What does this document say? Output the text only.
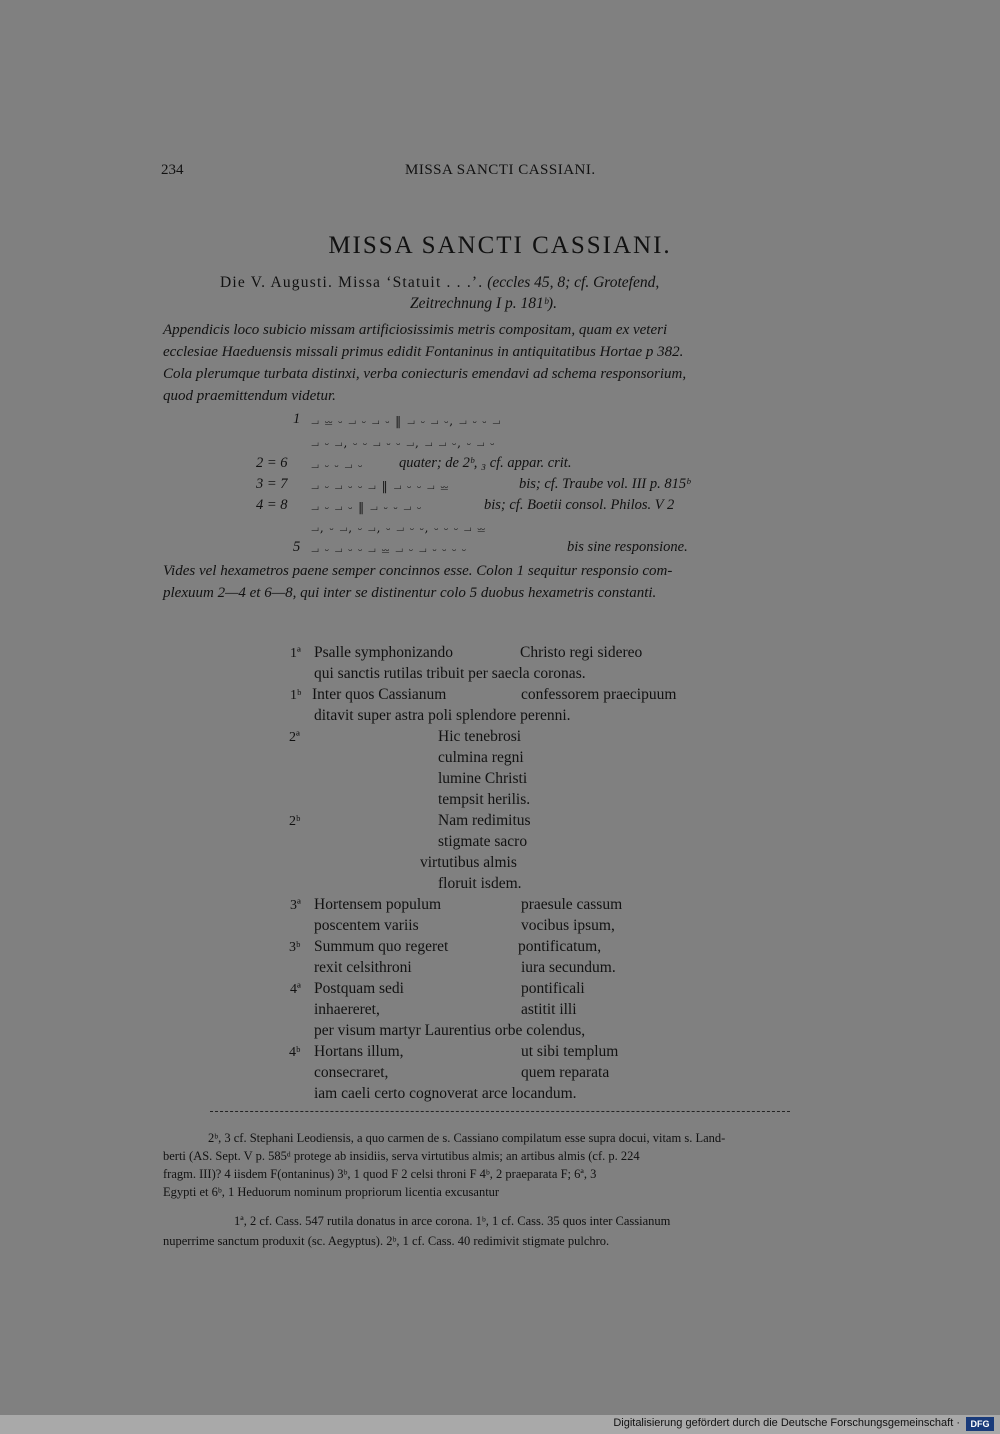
234	MISSA SANCTI CASSIANI.
MISSA SANCTI CASSIANI.
Die V. Augusti. Missa ‘Statuit . . .’. (eccles 45, 8; cf. Grotefend,
Zeitrechnung I p. 181ᵇ).
Appendicis loco subicio missam artificiosissimis metris compositam, quam ex veteri
ecclesiae Haeduensis missali primus edidit Fontaninus in antiquitatibus Hortae p 382.
Cola plerumque turbata distinxi, verba coniecturis emendavi ad schema responsorium,
quod praemittendum videtur.
1 ⏗ ⏕ ⏑ ⏗ ⏑ ⏗ ⏑ ‖ ⏗ ⏑ ⏗ ⏑, ⏗ ⏑ ⏑ ⏗
⏗ ⏑ ⏗, ⏑ ⏑ ⏗ ⏑ ⏑ ⏗, ⏗ ⏗ ⏑, ⏑ ⏗ ⏑
2 = 6 ⏗ ⏑ ⏑ ⏗ ⏑ quater; de 2ᵇ, ₃ cf. appar. crit.
3 = 7 ⏗ ⏑ ⏗ ⏑ ⏑ ⏗ ‖ ⏗ ⏑ ⏑ ⏗ ⏕	bis; cf. Traube vol. III p. 815ᵇ
4 = 8 ⏗ ⏑ ⏗ ⏑ ‖ ⏗ ⏑ ⏑ ⏗ ⏑	bis; cf. Boetii consol. Philos. V 2
⏗, ⏑ ⏗, ⏑ ⏗, ⏑ ⏗ ⏑ ⏑, ⏑ ⏑ ⏑ ⏗ ⏕
5 ⏗ ⏑ ⏗ ⏑ ⏑ ⏗ ⏕ ⏗ ⏑ ⏗ ⏑ ⏑ ⏑ ⏑	bis sine responsione.
Vides vel hexametros paene semper concinnos esse. Colon 1 sequitur responsio com-
plexuum 2—4 et 6—8, qui inter se distinentur colo 5 duobus hexametris constanti.
1ª Psalle symphonizando	Christo regi sidereo
qui sanctis rutilas tribuit per saecla coronas.
1ᵇ Inter quos Cassianum	confessorem praecipuum
ditavit super astra poli splendore perenni.
2ª	Hic tenebrosi
culmina regni
lumine Christi
tempsit herilis.
2ᵇ	Nam redimitus
stigmate sacro
virtutibus almis
floruit isdem.
3ª Hortensem populum	praesule cassum
poscentem variis	vocibus ipsum,
3ᵇ Summum quo regeret	pontificatum,
rexit celsithroni	iura secundum.
4ª Postquam sedi	pontificali
inhaereret,	astitit illi
per visum martyr Laurentius orbe colendus,
4ᵇ Hortans illum,	ut sibi templum
consecraret,	quem reparata
iam caeli certo cognoverat arce locandum.
2ᵇ, 3 cf. Stephani Leodiensis, a quo carmen de s. Cassiano compilatum esse supra docui, vitam s. Land-
berti (AS. Sept. V p. 585ᵈ protege ab insidiis, serva virtutibus almis; an artibus almis (cf. p. 224
fragm. III)? 4 iisdem F(ontaninus) 3ᵇ, 1 quod F 2 celsi throni F 4ᵇ, 2 praeparata F; 6ª, 3
Egypti et 6ᵇ, 1 Heduorum nominum propriorum licentia excusantur
1ª, 2 cf. Cass. 547 rutila donatus in arce corona. 1ᵇ, 1 cf. Cass. 35 quos inter Cassianum
nuperrime sanctum produxit (sc. Aegyptus). 2ᵇ, 1 cf. Cass. 40 redimivit stigmate pulchro.
Digitalisierung gefördert durch die Deutsche Forschungsgemeinschaft ·	DFG
